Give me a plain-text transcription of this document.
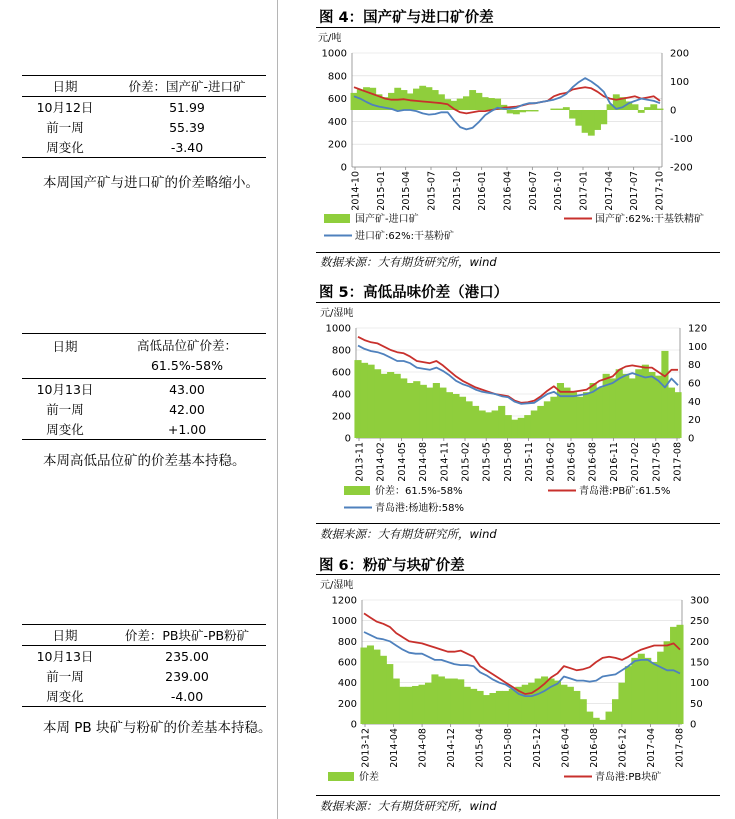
日期	价差：国产矿-进口矿
10月12日	51.99
前一周	55.39
周变化	-3.40
本周国产矿与进口矿的价差略缩小。
日期	高低品位矿价差：
61.5%-58%
10月13日	43.00
前一周	42.00
周变化	+1.00
本周高低品位矿的价差基本持稳。
日期	价差：PB块矿-PB粉矿
10月13日	235.00
前一周	239.00
周变化	-4.00
本周 PB 块矿与粉矿的价差基本持稳。
图 4：国产矿与进口矿价差
元/吨
0
200
400
600
800
1000	200
100
0
-100
-200
2014-10 2015-01 2015-04 2015-07 2015-10 2016-01 2016-04 2016-07 2016-10 2017-01 2017-04 2017-07 2017-10
国产矿-进口矿	国产矿:62%:干基铁精矿
进口矿:62%:干基粉矿
数据来源：大有期货研究所，wind
图 5：高低品味价差（港口）
元/湿吨
0
200
400
600
800
1000
0
20
40
60
80
100
120
2013-11 2014-02 2014-05 2014-08 2014-11 2015-02 2015-05 2015-08 2015-11 2016-02 2016-05 2016-08 2016-11 2017-02 2017-05 2017-08
价差：61.5%-58%	青岛港:PB矿:61.5%
青岛港:杨迪粉:58%
数据来源：大有期货研究所，wind
图 6：粉矿与块矿价差
元/湿吨
0
200
400
600
800
1000
1200
0
50
100
150
200
250
300
2013-12 2014-04 2014-08 2014-12 2015-04 2015-08 2015-12 2016-04 2016-08 2016-12 2017-04 2017-08
价差	青岛港:PB块矿
数据来源：大有期货研究所，wind
